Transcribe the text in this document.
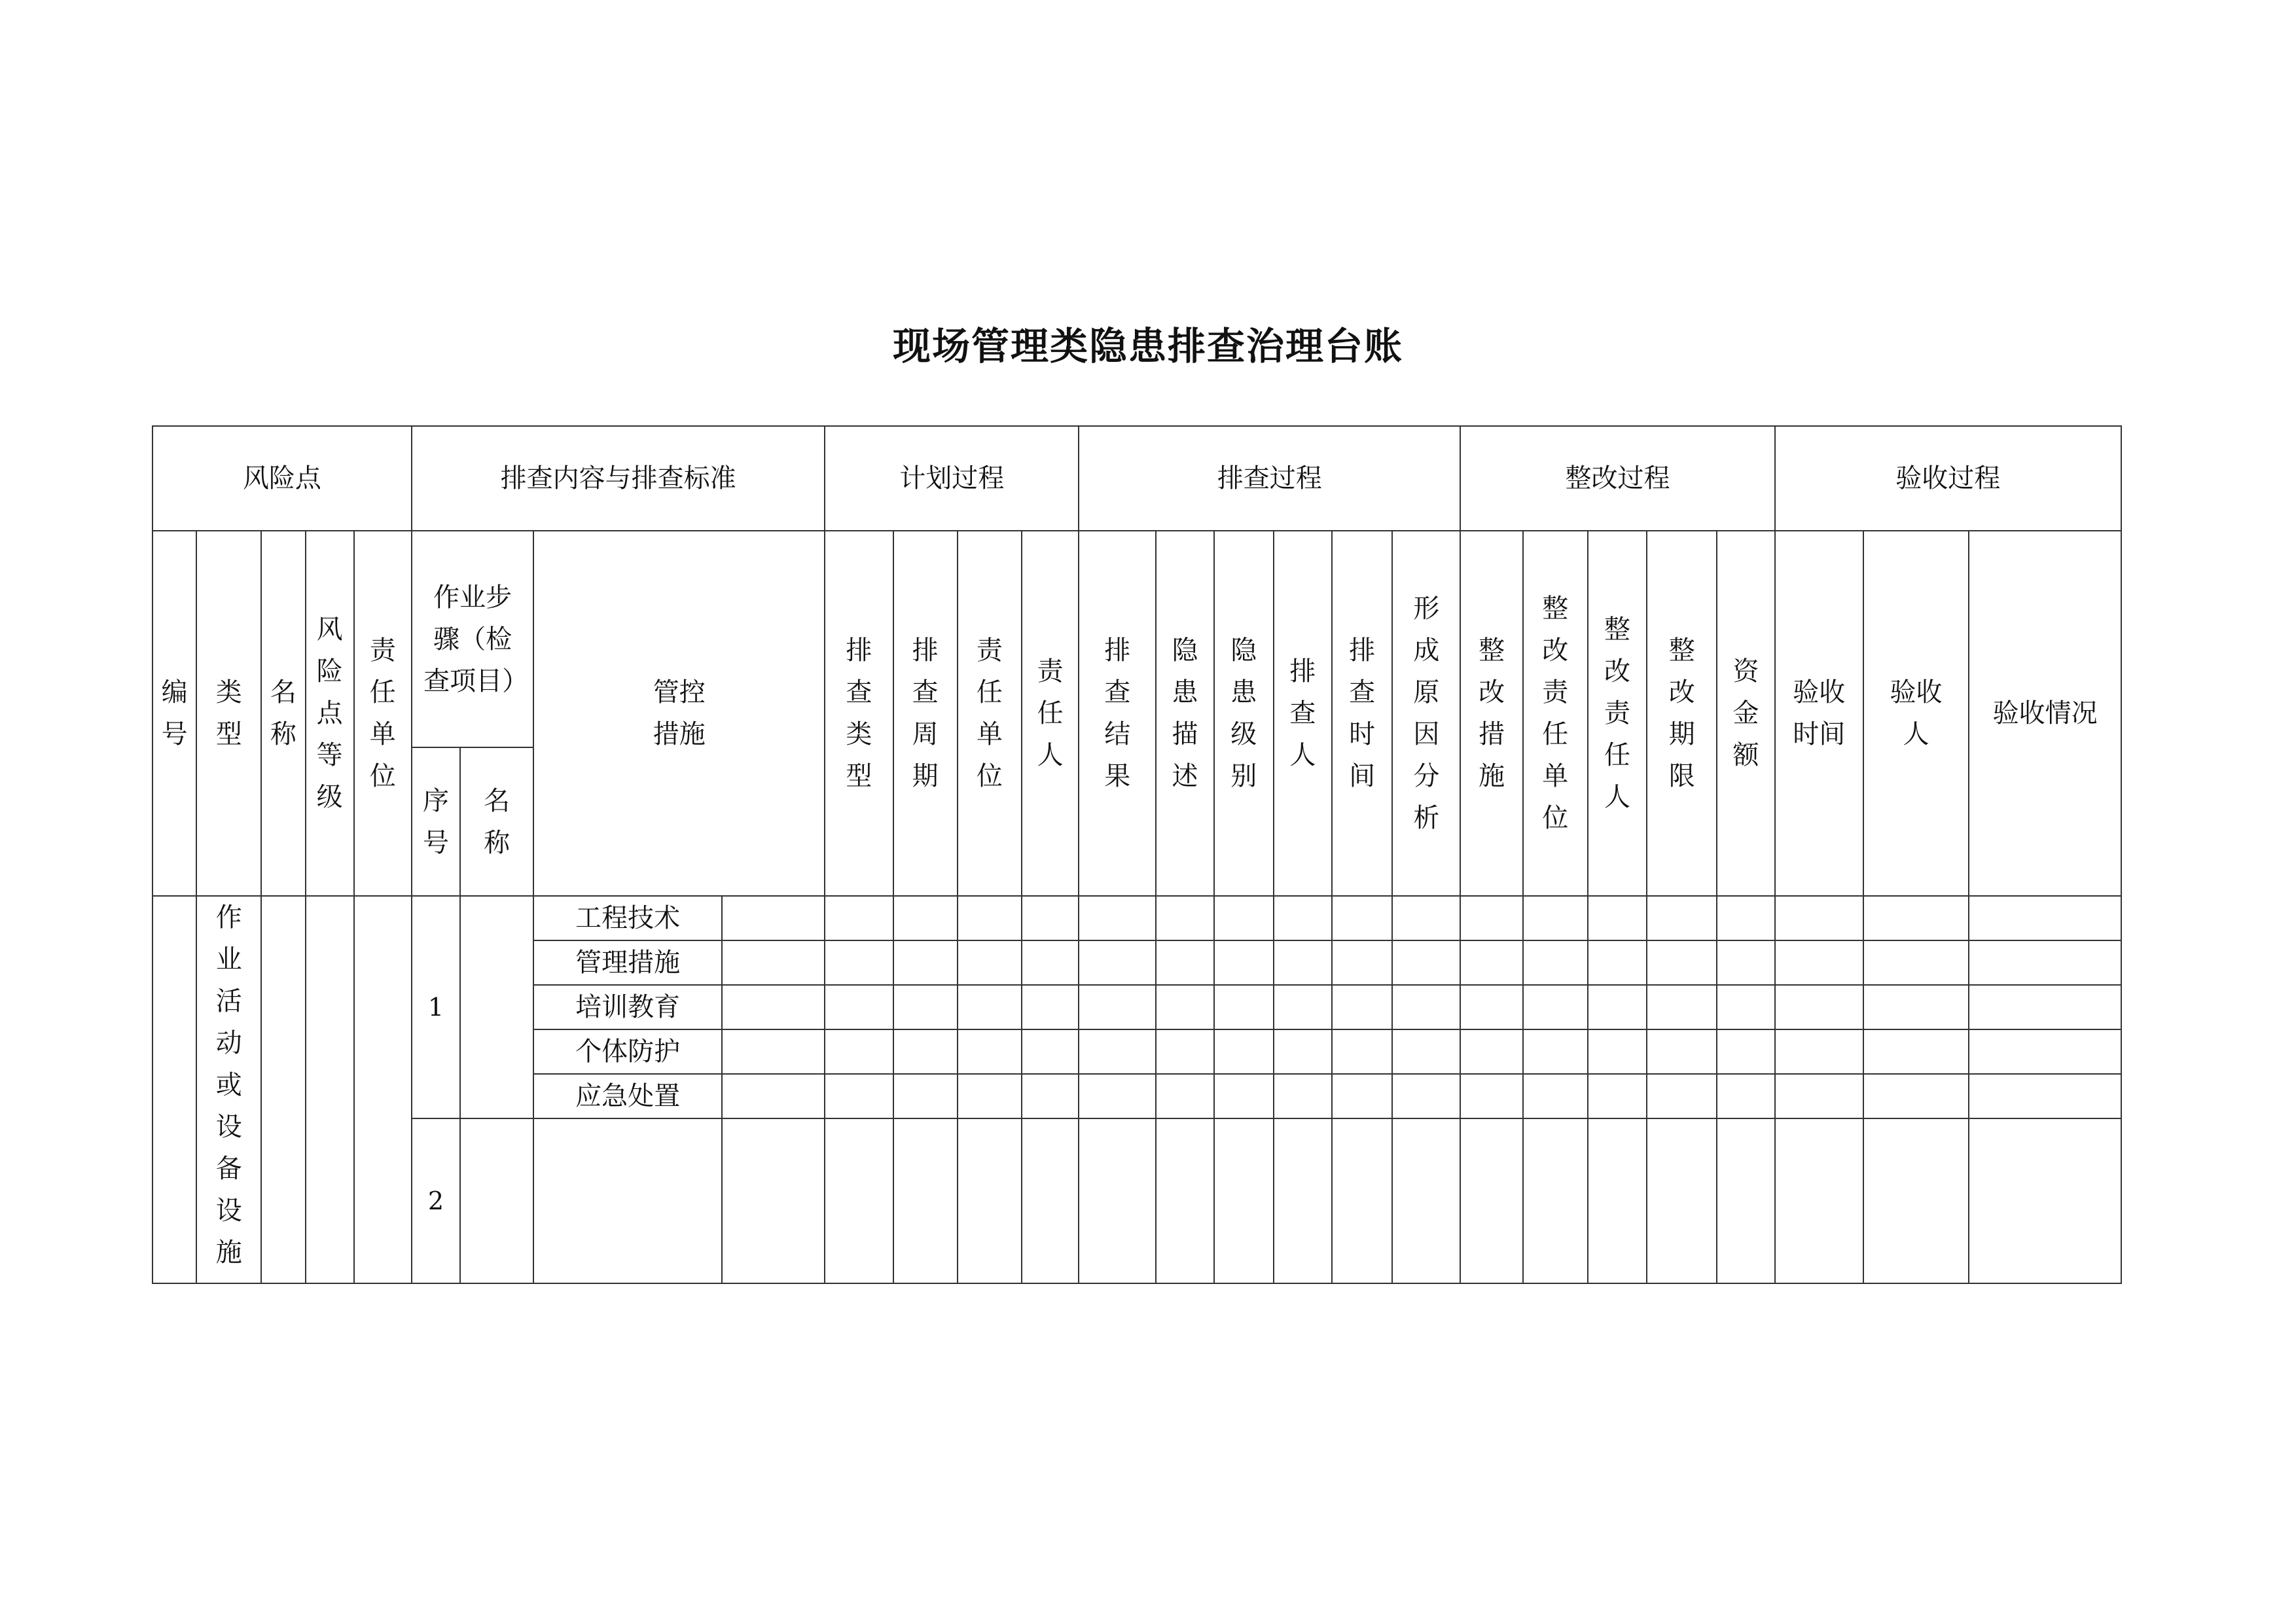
现场管理类隐患排查治理台账
风险点					排查内容与排查标准				计划过程				排查过程						整改过程					验收过程		
编号	类型	名称	风险点等级	责任单位	作业步骤（检查项目）		管控措施		排查类型	排查周期	责任单位	责任人	排查结果	隐患描述	隐患级别	排查人	排查时间	形成原因分析	整改措施	整改责任单位	整改责任人	整改期限	资金额	验收时间	验收人	验收情况
					序号	名称																				
	作业活动或设备设施				1		工程技术																			
							管理措施																			
							培训教育																			
							个体防护																			
							应急处置																			
					2																					
